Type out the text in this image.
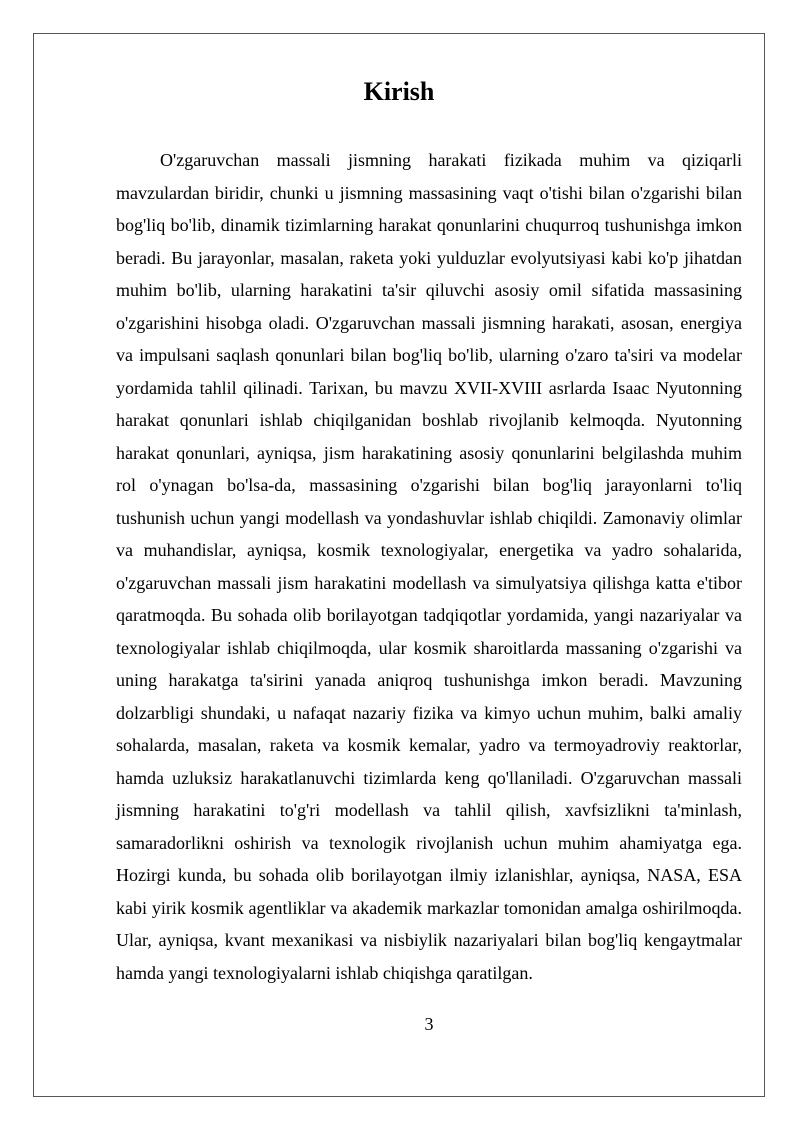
Kirish

O'zgaruvchan massali jismning harakati fizikada muhim va qiziqarli mavzulardan biridir, chunki u jismning massasining vaqt o'tishi bilan o'zgarishi bilan bog'liq bo'lib, dinamik tizimlarning harakat qonunlarini chuqurroq tushunishga imkon beradi. Bu jarayonlar, masalan, raketa yoki yulduzlar evolyutsiyasi kabi ko'p jihatdan muhim bo'lib, ularning harakatini ta'sir qiluvchi asosiy omil sifatida massasining o'zgarishini hisobga oladi. O'zgaruvchan massali jismning harakati, asosan, energiya va impulsani saqlash qonunlari bilan bog'liq bo'lib, ularning o'zaro ta'siri va modelar yordamida tahlil qilinadi. Tarixan, bu mavzu XVII-XVIII asrlarda Isaac Nyutonning harakat qonunlari ishlab chiqilganidan boshlab rivojlanib kelmoqda. Nyutonning harakat qonunlari, ayniqsa, jism harakatining asosiy qonunlarini belgilashda muhim rol o'ynagan bo'lsa-da, massasining o'zgarishi bilan bog'liq jarayonlarni to'liq tushunish uchun yangi modellash va yondashuvlar ishlab chiqildi. Zamonaviy olimlar va muhandislar, ayniqsa, kosmik texnologiyalar, energetika va yadro sohalarida, o'zgaruvchan massali jism harakatini modellash va simulyatsiya qilishga katta e'tibor qaratmoqda. Bu sohada olib borilayotgan tadqiqotlar yordamida, yangi nazariyalar va texnologiyalar ishlab chiqilmoqda, ular kosmik sharoitlarda massaning o'zgarishi va uning harakatga ta'sirini yanada aniqroq tushunishga imkon beradi. Mavzuning dolzarbligi shundaki, u nafaqat nazariy fizika va kimyo uchun muhim, balki amaliy sohalarda, masalan, raketa va kosmik kemalar, yadro va termoyadroviy reaktorlar, hamda uzluksiz harakatlanuvchi tizimlarda keng qo'llaniladi. O'zgaruvchan massali jismning harakatini to'g'ri modellash va tahlil qilish, xavfsizlikni ta'minlash, samaradorlikni oshirish va texnologik rivojlanish uchun muhim ahamiyatga ega. Hozirgi kunda, bu sohada olib borilayotgan ilmiy izlanishlar, ayniqsa, NASA, ESA kabi yirik kosmik agentliklar va akademik markazlar tomonidan amalga oshirilmoqda. Ular, ayniqsa, kvant mexanikasi va nisbiylik nazariyalari bilan bog'liq kengaytmalar hamda yangi texnologiyalarni ishlab chiqishga qaratilgan.

3
